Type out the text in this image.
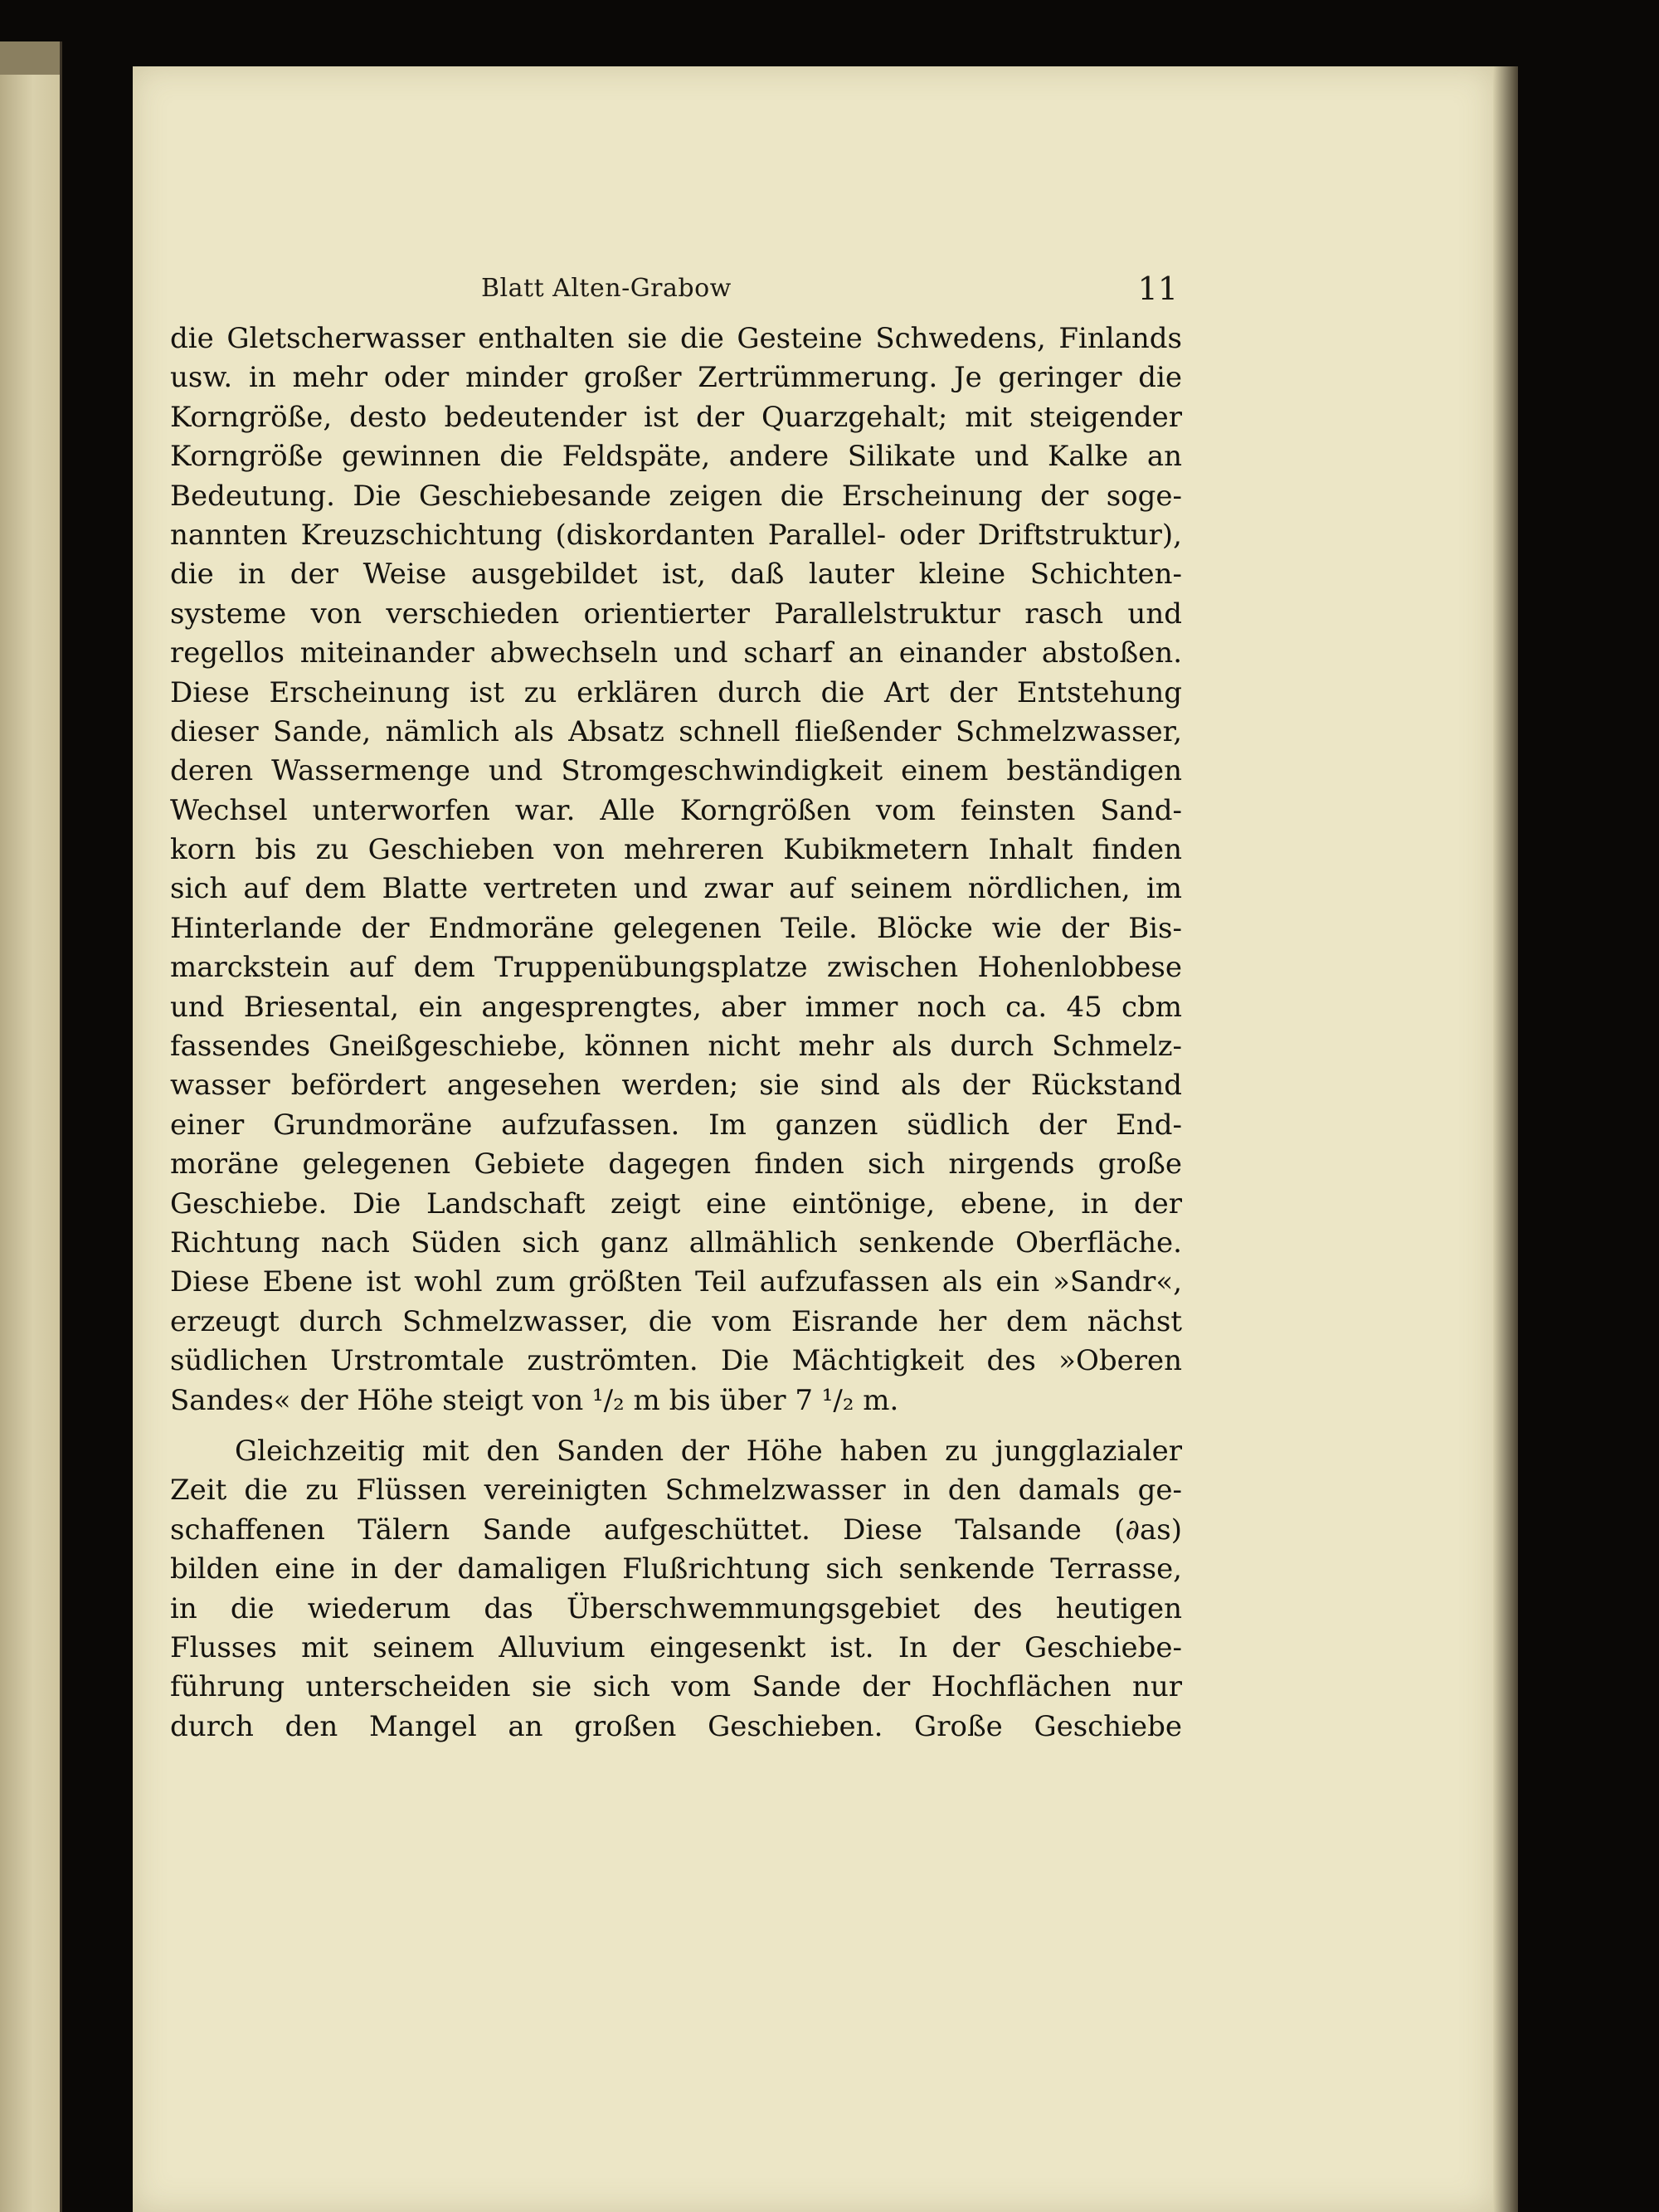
Blatt Alten-Grabow	11
die Gletscherwasser enthalten sie die Gesteine Schwedens, Finlands
usw. in mehr oder minder großer Zertrümmerung. Je geringer die
Korngröße, desto bedeutender ist der Quarzgehalt; mit steigender
Korngröße gewinnen die Feldspäte, andere Silikate und Kalke an
Bedeutung. Die Geschiebesande zeigen die Erscheinung der soge-
nannten Kreuzschichtung (diskordanten Parallel- oder Driftstruktur),
die in der Weise ausgebildet ist, daß lauter kleine Schichten-
systeme von verschieden orientierter Parallelstruktur rasch und
regellos miteinander abwechseln und scharf an einander abstoßen.
Diese Erscheinung ist zu erklären durch die Art der Entstehung
dieser Sande, nämlich als Absatz schnell fließender Schmelzwasser,
deren Wassermenge und Stromgeschwindigkeit einem beständigen
Wechsel unterworfen war. Alle Korngrößen vom feinsten Sand-
korn bis zu Geschieben von mehreren Kubikmetern Inhalt finden
sich auf dem Blatte vertreten und zwar auf seinem nördlichen, im
Hinterlande der Endmoräne gelegenen Teile. Blöcke wie der Bis-
marckstein auf dem Truppenübungsplatze zwischen Hohenlobbese
und Briesental, ein angesprengtes, aber immer noch ca. 45 cbm
fassendes Gneißgeschiebe, können nicht mehr als durch Schmelz-
wasser befördert angesehen werden; sie sind als der Rückstand
einer Grundmoräne aufzufassen. Im ganzen südlich der End-
moräne gelegenen Gebiete dagegen finden sich nirgends große
Geschiebe. Die Landschaft zeigt eine eintönige, ebene, in der
Richtung nach Süden sich ganz allmählich senkende Oberfläche.
Diese Ebene ist wohl zum größten Teil aufzufassen als ein »Sandr«,
erzeugt durch Schmelzwasser, die vom Eisrande her dem nächst
südlichen Urstromtale zuströmten. Die Mächtigkeit des »Oberen
Sandes« der Höhe steigt von ¹/₂ m bis über 7 ¹/₂ m.
Gleichzeitig mit den Sanden der Höhe haben zu jungglazialer
Zeit die zu Flüssen vereinigten Schmelzwasser in den damals ge-
schaffenen Tälern Sande aufgeschüttet. Diese Talsande (∂as)
bilden eine in der damaligen Flußrichtung sich senkende Terrasse,
in die wiederum das Überschwemmungsgebiet des heutigen
Flusses mit seinem Alluvium eingesenkt ist. In der Geschiebe-
führung unterscheiden sie sich vom Sande der Hochflächen nur
durch den Mangel an großen Geschieben. Große Geschiebe
